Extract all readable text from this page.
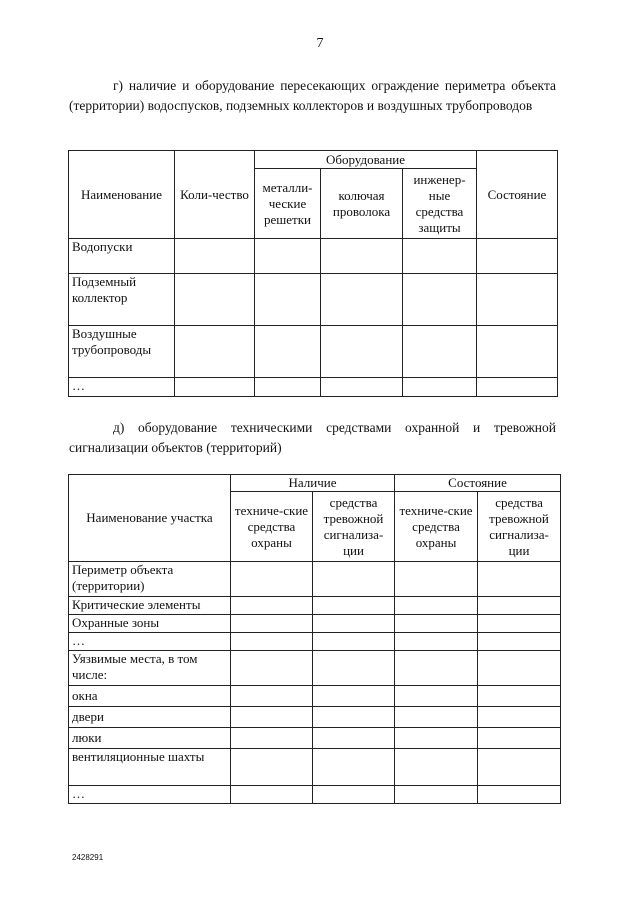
7
г) наличие и оборудование пересекающих ограждение периметра объекта (территории) водоспусков, подземных коллекторов и воздушных трубопроводов
Наименование	Коли-чество	Оборудование			Состояние
		металли-ческие решетки	колючая проволока	инженер-ные средства защиты	
Водопуски					
Подземный коллектор					
Воздушные трубопроводы					
…					
д) оборудование техническими средствами охранной и тревожной сигнализации объектов (территорий)
Наименование участка	Наличие		Состояние	
	техниче-ские средства охраны	средства тревожной сигнализа-ции	техниче-ские средства охраны	средства тревожной сигнализа-ции
Периметр объекта (территории)				
Критические элементы				
Охранные зоны				
…				
Уязвимые места, в том числе:				
окна				
двери				
люки				
вентиляционные шахты				
…				
2428291
